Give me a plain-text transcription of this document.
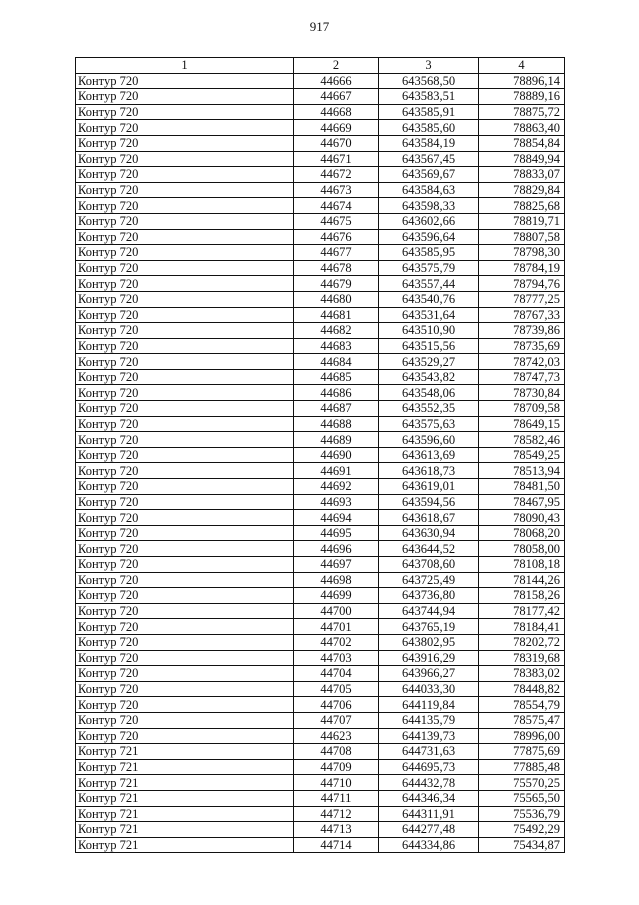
917
1	2	3	4
Контур 720	44666	643568,50	78896,14
Контур 720	44667	643583,51	78889,16
Контур 720	44668	643585,91	78875,72
Контур 720	44669	643585,60	78863,40
Контур 720	44670	643584,19	78854,84
Контур 720	44671	643567,45	78849,94
Контур 720	44672	643569,67	78833,07
Контур 720	44673	643584,63	78829,84
Контур 720	44674	643598,33	78825,68
Контур 720	44675	643602,66	78819,71
Контур 720	44676	643596,64	78807,58
Контур 720	44677	643585,95	78798,30
Контур 720	44678	643575,79	78784,19
Контур 720	44679	643557,44	78794,76
Контур 720	44680	643540,76	78777,25
Контур 720	44681	643531,64	78767,33
Контур 720	44682	643510,90	78739,86
Контур 720	44683	643515,56	78735,69
Контур 720	44684	643529,27	78742,03
Контур 720	44685	643543,82	78747,73
Контур 720	44686	643548,06	78730,84
Контур 720	44687	643552,35	78709,58
Контур 720	44688	643575,63	78649,15
Контур 720	44689	643596,60	78582,46
Контур 720	44690	643613,69	78549,25
Контур 720	44691	643618,73	78513,94
Контур 720	44692	643619,01	78481,50
Контур 720	44693	643594,56	78467,95
Контур 720	44694	643618,67	78090,43
Контур 720	44695	643630,94	78068,20
Контур 720	44696	643644,52	78058,00
Контур 720	44697	643708,60	78108,18
Контур 720	44698	643725,49	78144,26
Контур 720	44699	643736,80	78158,26
Контур 720	44700	643744,94	78177,42
Контур 720	44701	643765,19	78184,41
Контур 720	44702	643802,95	78202,72
Контур 720	44703	643916,29	78319,68
Контур 720	44704	643966,27	78383,02
Контур 720	44705	644033,30	78448,82
Контур 720	44706	644119,84	78554,79
Контур 720	44707	644135,79	78575,47
Контур 720	44623	644139,73	78996,00
Контур 721	44708	644731,63	77875,69
Контур 721	44709	644695,73	77885,48
Контур 721	44710	644432,78	75570,25
Контур 721	44711	644346,34	75565,50
Контур 721	44712	644311,91	75536,79
Контур 721	44713	644277,48	75492,29
Контур 721	44714	644334,86	75434,87
